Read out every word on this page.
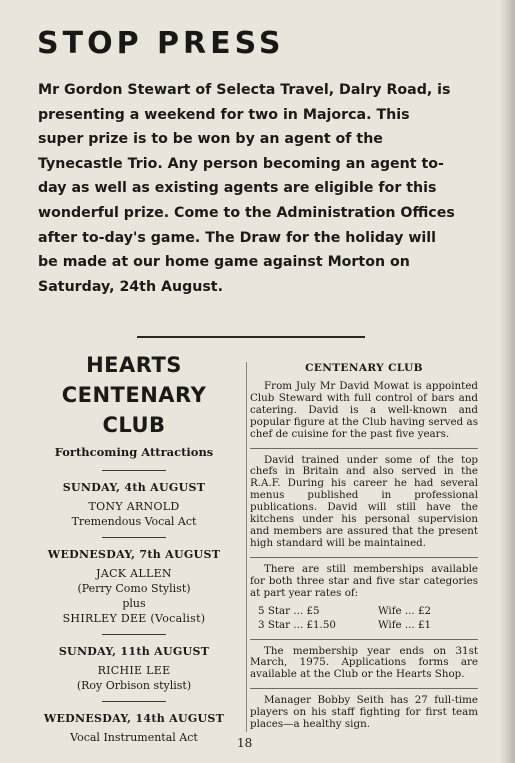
STOP PRESS

Mr Gordon Stewart of Selecta Travel, Dalry Road, is presenting a weekend for two in Majorca. This super prize is to be won by an agent of the Tynecastle Trio. Any person becoming an agent to-day as well as existing agents are eligible for this wonderful prize. Come to the Administration Offices after to-day's game. The Draw for the holiday will be made at our home game against Morton on Saturday, 24th August.

HEARTS CENTENARY
CLUB
Forthcoming Attractions
SUNDAY, 4th AUGUST
TONY ARNOLD
Tremendous Vocal Act
WEDNESDAY, 7th AUGUST
JACK ALLEN
(Perry Como Stylist)
plus
SHIRLEY DEE (Vocalist)
SUNDAY, 11th AUGUST
RICHIE LEE
(Roy Orbison stylist)
WEDNESDAY, 14th AUGUST
Vocal Instrumental Act
CENTENARY CLUB

From July Mr David Mowat is appointed Club Steward with full control of bars and catering. David is a well-known and popular figure at the Club having served as chef de cuisine for the past five years.

David trained under some of the top chefs in Britain and also served in the R.A.F. During his career he had several menus published in professional publications. David will still have the kitchens under his personal supervision and members are assured that the present high standard will be maintained.

There are still memberships available for both three star and five star categories at part year rates of:

5 Star ... £5	Wife ... £2
3 Star ... £1.50	Wife ... £1

The membership year ends on 31st March, 1975. Applications forms are available at the Club or the Hearts Shop.

Manager Bobby Seith has 27 full-time players on his staff fighting for first team places—a healthy sign.

18
